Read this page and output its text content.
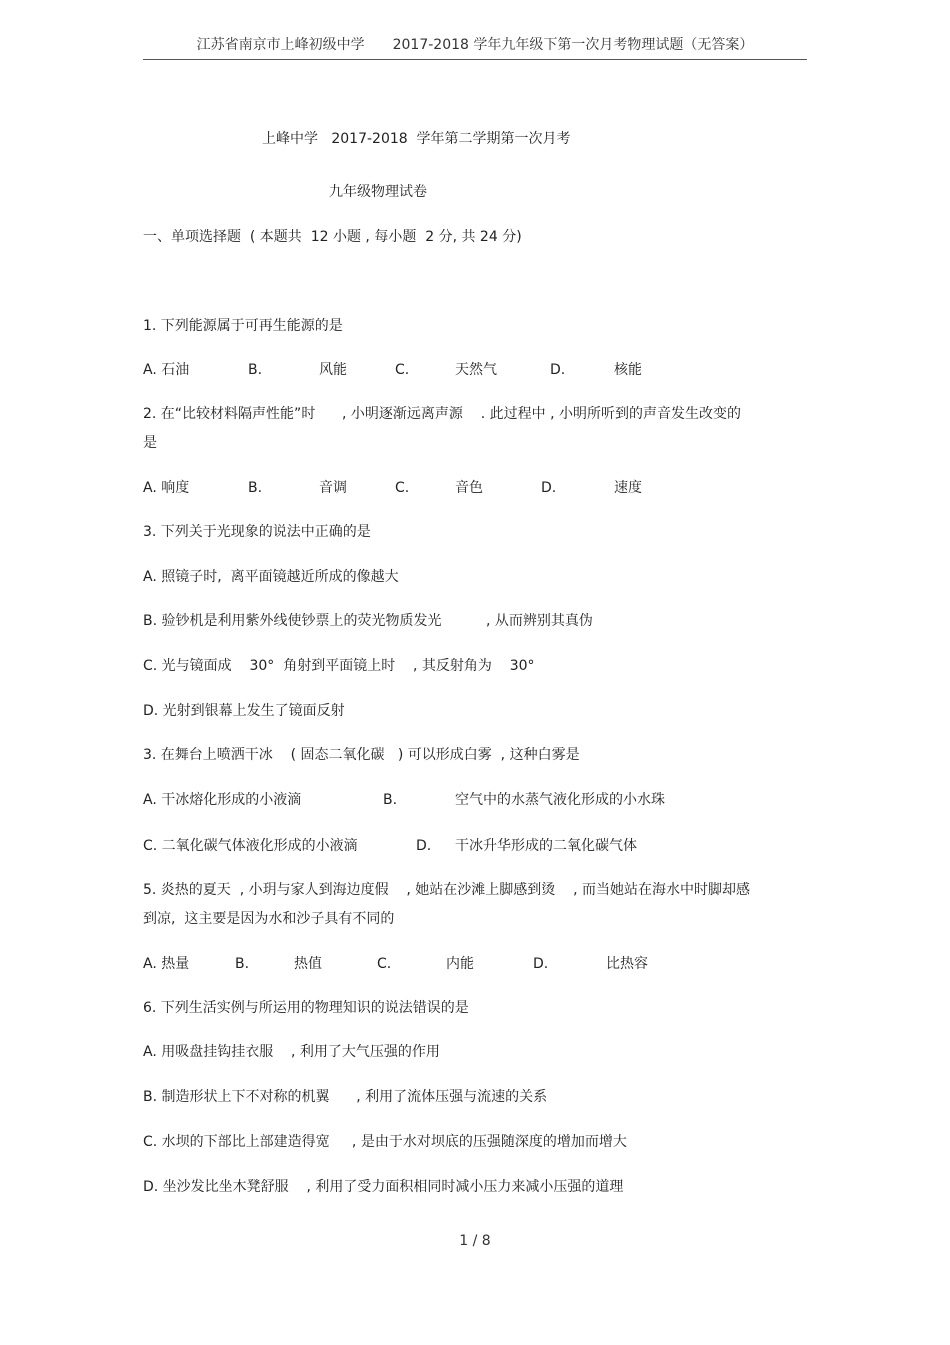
江苏省南京市上峰初级中学　　2017-2018 学年九年级下第一次月考物理试题（无答案）
上峰中学   2017-2018  学年第二学期第一次月考
九年级物理试卷
一、单项选择题  ( 本题共  12 小题 , 每小题  2 分, 共 24 分)
1. 下列能源属于可再生能源的是
A. 石油	B.	风能	C.	天然气	D.	核能
2. 在“比较材料隔声性能”时      , 小明逐渐远离声源    . 此过程中 , 小明所听到的声音发生改变的
是
A. 响度	B.	音调	C.	音色	D.	速度
3. 下列关于光现象的说法中正确的是
A. 照镜子时,  离平面镜越近所成的像越大
B. 验钞机是利用紫外线使钞票上的荧光物质发光          , 从而辨别其真伪
C. 光与镜面成    30°  角射到平面镜上时    , 其反射角为    30°
D. 光射到银幕上发生了镜面反射
3. 在舞台上喷洒干冰    ( 固态二氧化碳   ) 可以形成白雾  , 这种白雾是
A. 干冰熔化形成的小液滴	B.	空气中的水蒸气液化形成的小水珠
C. 二氧化碳气体液化形成的小液滴	D. 干冰升华形成的二氧化碳气体
5. 炎热的夏天  , 小玥与家人到海边度假    , 她站在沙滩上脚感到烫    , 而当她站在海水中时脚却感
到凉,  这主要是因为水和沙子具有不同的
A. 热量	B.	热值	C.	内能	D.	比热容
6. 下列生活实例与所运用的物理知识的说法错误的是
A. 用吸盘挂钩挂衣服    , 利用了大气压强的作用
B. 制造形状上下不对称的机翼      , 利用了流体压强与流速的关系
C. 水坝的下部比上部建造得宽     , 是由于水对坝底的压强随深度的增加而增大
D. 坐沙发比坐木凳舒服    , 利用了受力面积相同时减小压力来减小压强的道理
1 / 8
